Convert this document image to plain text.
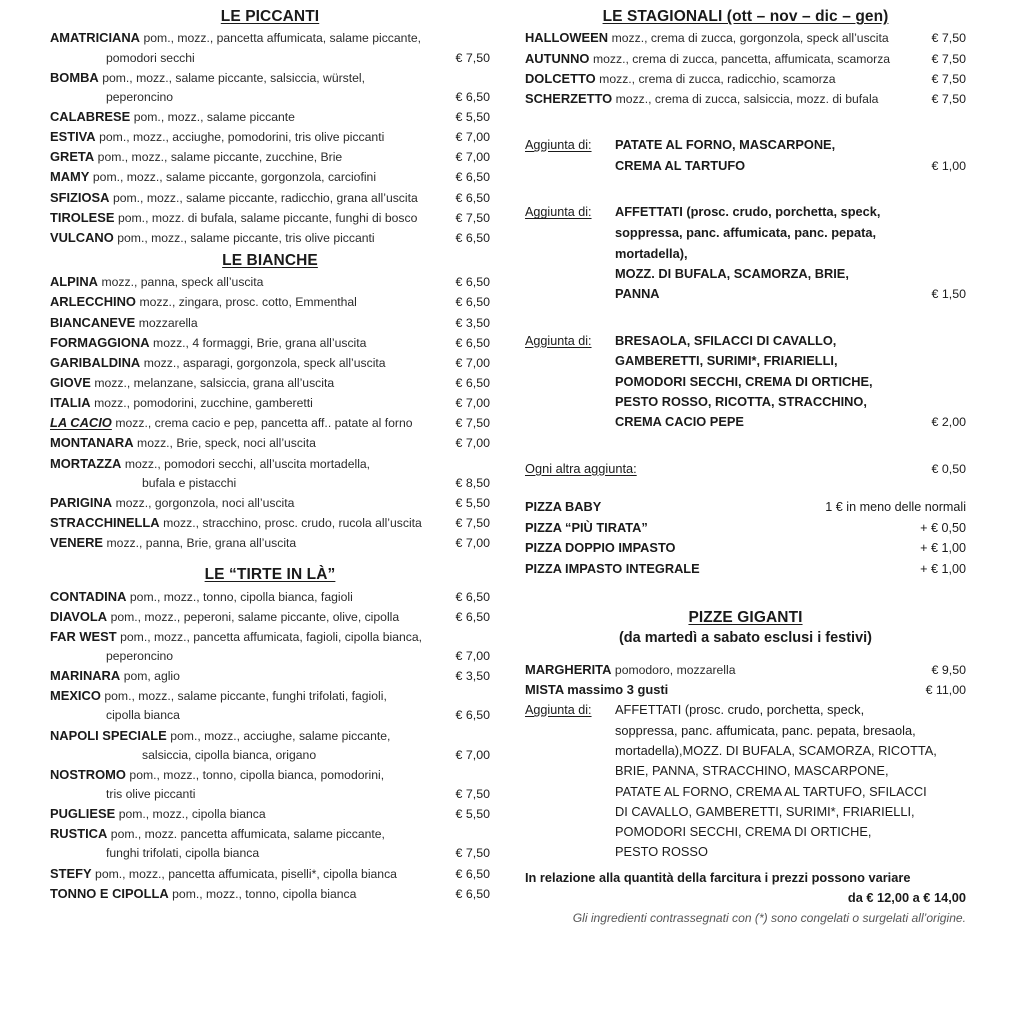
LE PICCANTI
AMATRICIANA pom., mozz., pancetta affumicata, salame piccante,
pomodori secchi	€ 7,50
BOMBA pom., mozz., salame piccante, salsiccia, würstel,
peperoncino	€ 6,50
CALABRESE pom., mozz., salame piccante	€ 5,50
ESTIVA pom., mozz., acciughe, pomodorini, tris olive piccanti	€ 7,00
GRETA pom., mozz., salame piccante, zucchine, Brie	€ 7,00
MAMY pom., mozz., salame piccante, gorgonzola, carciofini	€ 6,50
SFIZIOSA pom., mozz., salame piccante, radicchio, grana all’uscita	€ 6,50
TIROLESE pom., mozz. di bufala, salame piccante, funghi di bosco	€ 7,50
VULCANO pom., mozz., salame piccante, tris olive piccanti	€ 6,50
LE BIANCHE
ALPINA mozz., panna, speck all’uscita	€ 6,50
ARLECCHINO mozz., zingara, prosc. cotto, Emmenthal	€ 6,50
BIANCANEVE mozzarella	€ 3,50
FORMAGGIONA mozz., 4 formaggi, Brie, grana all’uscita	€ 6,50
GARIBALDINA mozz., asparagi, gorgonzola, speck all’uscita	€ 7,00
GIOVE mozz., melanzane, salsiccia, grana all’uscita	€ 6,50
ITALIA mozz., pomodorini, zucchine, gamberetti	€ 7,00
LA CACIO mozz., crema cacio e pep, pancetta aff.. patate al forno	€ 7,50
MONTANARA mozz., Brie, speck, noci all’uscita	€ 7,00
MORTAZZA mozz., pomodori secchi, all’uscita mortadella,
bufala e pistacchi	€ 8,50
PARIGINA mozz., gorgonzola, noci all’uscita	€ 5,50
STRACCHINELLA mozz., stracchino, prosc. crudo, rucola all’uscita	€ 7,50
VENERE mozz., panna, Brie, grana all’uscita	€ 7,00
LE “TIRTE IN LÀ”
CONTADINA pom., mozz., tonno, cipolla bianca, fagioli	€ 6,50
DIAVOLA pom., mozz., peperoni, salame piccante, olive, cipolla	€ 6,50
FAR WEST pom., mozz., pancetta affumicata, fagioli, cipolla bianca,
peperoncino	€ 7,00
MARINARA pom, aglio	€ 3,50
MEXICO pom., mozz., salame piccante, funghi trifolati, fagioli,
cipolla bianca	€ 6,50
NAPOLI SPECIALE pom., mozz., acciughe, salame piccante,
salsiccia, cipolla bianca, origano	€ 7,00
NOSTROMO pom., mozz., tonno, cipolla bianca, pomodorini,
tris olive piccanti	€ 7,50
PUGLIESE pom., mozz., cipolla bianca	€ 5,50
RUSTICA pom., mozz. pancetta affumicata, salame piccante,
funghi trifolati, cipolla bianca	€ 7,50
STEFY pom., mozz., pancetta affumicata, piselli*, cipolla bianca	€ 6,50
TONNO E CIPOLLA pom., mozz., tonno, cipolla bianca	€ 6,50
LE STAGIONALI (ott – nov – dic – gen)
HALLOWEEN mozz., crema di zucca, gorgonzola, speck all’uscita	€ 7,50
AUTUNNO mozz., crema di zucca, pancetta, affumicata, scamorza	€ 7,50
DOLCETTO mozz., crema di zucca, radicchio, scamorza	€ 7,50
SCHERZETTO mozz., crema di zucca, salsiccia, mozz. di bufala	€ 7,50
Aggiunta di:	PATATE AL FORNO, MASCARPONE,
CREMA AL TARTUFO	€ 1,00
Aggiunta di:	AFFETTATI (prosc. crudo, porchetta, speck,
soppressa, panc. affumicata, panc. pepata,
mortadella),
MOZZ. DI BUFALA, SCAMORZA, BRIE,
PANNA	€ 1,50
Aggiunta di:	BRESAOLA, SFILACCI DI CAVALLO,
GAMBERETTI, SURIMI*, FRIARIELLI,
POMODORI SECCHI, CREMA DI ORTICHE,
PESTO ROSSO, RICOTTA, STRACCHINO,
CREMA CACIO PEPE	€ 2,00
Ogni altra aggiunta:	€ 0,50
PIZZA BABY	1 € in meno delle normali
PIZZA “PIÙ TIRATA”	+ € 0,50
PIZZA DOPPIO IMPASTO	+ € 1,00
PIZZA IMPASTO INTEGRALE	+ € 1,00
PIZZE GIGANTI
(da martedì a sabato esclusi i festivi)
MARGHERITA pomodoro, mozzarella	€ 9,50
MISTA massimo 3 gusti	€ 11,00
Aggiunta di:	AFFETTATI (prosc. crudo, porchetta, speck,
soppressa, panc. affumicata, panc. pepata, bresaola,
mortadella),MOZZ. DI BUFALA, SCAMORZA, RICOTTA,
BRIE, PANNA, STRACCHINO, MASCARPONE,
PATATE AL FORNO, CREMA AL TARTUFO, SFILACCI
DI CAVALLO, GAMBERETTI, SURIMI*, FRIARIELLI,
POMODORI SECCHI, CREMA DI ORTICHE,
PESTO ROSSO
In relazione alla quantità della farcitura i prezzi possono variare
da € 12,00 a € 14,00
Gli ingredienti contrassegnati con (*) sono congelati o surgelati all’origine.
